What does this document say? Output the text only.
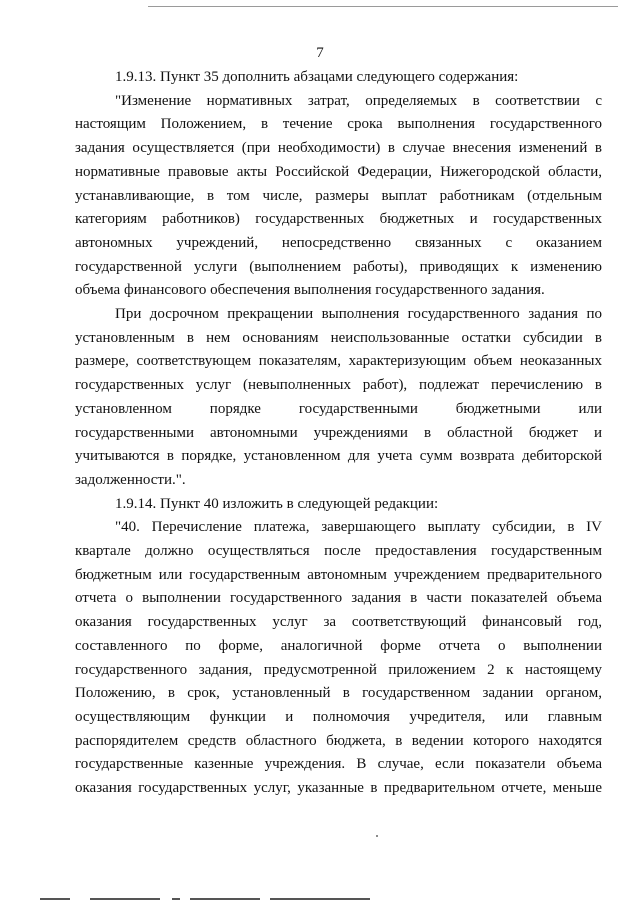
7

1.9.13. Пункт 35 дополнить абзацами следующего содержания:

"Изменение нормативных затрат, определяемых в соответствии с
настоящим Положением, в течение срока выполнения государственного
задания осуществляется (при необходимости) в случае внесения изменений в
нормативные правовые акты Российской Федерации, Нижегородской области,
устанавливающие, в том числе, размеры выплат работникам (отдельным
категориям работников) государственных бюджетных и государственных
автономных учреждений, непосредственно связанных с оказанием
государственной услуги (выполнением работы), приводящих к изменению
объема финансового обеспечения выполнения государственного задания.

При досрочном прекращении выполнения государственного задания по
установленным в нем основаниям неиспользованные остатки субсидии в
размере, соответствующем показателям, характеризующим объем неоказанных
государственных услуг (невыполненных работ), подлежат перечислению в
установленном порядке государственными бюджетными или
государственными автономными учреждениями в областной бюджет и
учитываются в порядке, установленном для учета сумм возврата дебиторской
задолженности.".

1.9.14. Пункт 40 изложить в следующей редакции:

"40. Перечисление платежа, завершающего выплату субсидии, в IV
квартале должно осуществляться после предоставления государственным
бюджетным или государственным автономным учреждением предварительного
отчета о выполнении государственного задания в части показателей объема
оказания государственных услуг за соответствующий финансовый год,
составленного по форме, аналогичной форме отчета о выполнении
государственного задания, предусмотренной приложением 2 к настоящему
Положению, в срок, установленный в государственном задании органом,
осуществляющим функции и полномочия учредителя, или главным
распорядителем средств областного бюджета, в ведении которого находятся
государственные казенные учреждения. В случае, если показатели объема
оказания государственных услуг, указанные в предварительном отчете, меньше
